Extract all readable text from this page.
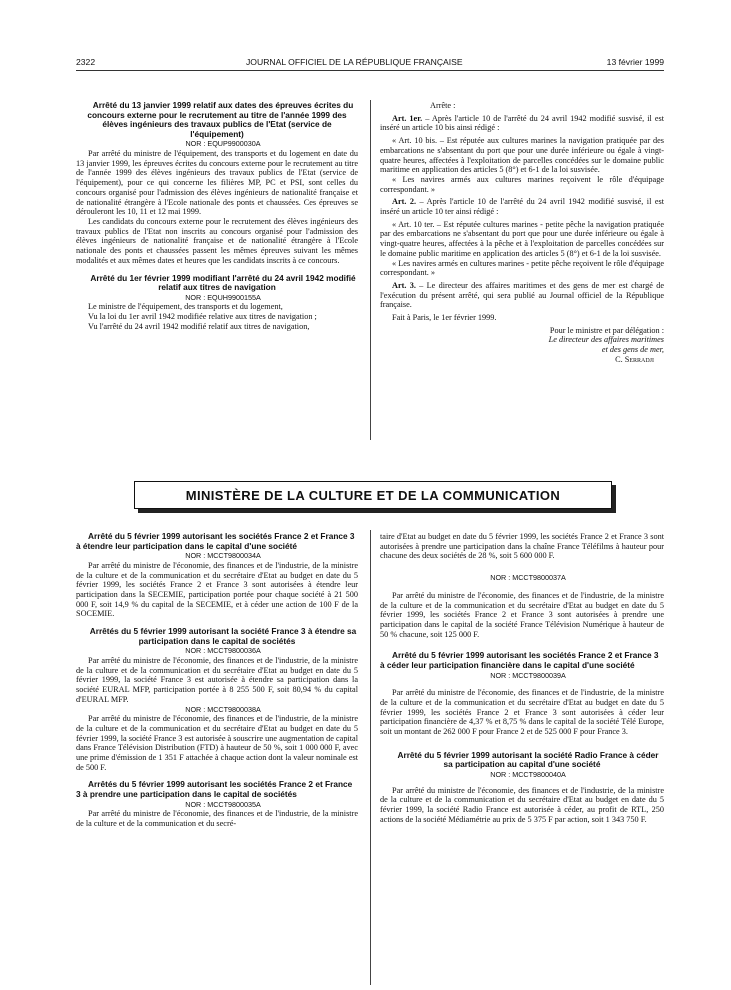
2322	JOURNAL OFFICIEL DE LA RÉPUBLIQUE FRANÇAISE	13 février 1999

Arrêté du 13 janvier 1999 relatif aux dates des épreuves écrites du concours externe pour le recrutement au titre de l'année 1999 des élèves ingénieurs des travaux publics de l'Etat (service de l'équipement)

NOR : EQUP9900030A

Par arrêté du ministre de l'équipement, des transports et du logement en date du 13 janvier 1999, les épreuves écrites du concours externe pour le recrutement au titre de l'année 1999 des élèves ingénieurs des travaux publics de l'Etat (service de l'équipement), pour ce qui concerne les filières MP, PC et PSI, sont celles du concours organisé pour l'admission des élèves ingénieurs de nationalité française et de nationalité étrangère à l'Ecole nationale des ponts et chaussées. Ces épreuves se dérouleront les 10, 11 et 12 mai 1999.

Les candidats du concours externe pour le recrutement des élèves ingénieurs des travaux publics de l'Etat non inscrits au concours organisé pour l'admission des élèves ingénieurs de nationalité française et de nationalité étrangère à l'Ecole nationale des ponts et chaussées passent les mêmes épreuves suivant les mêmes modalités et aux mêmes dates et heures que les candidats inscrits à ce concours.

Arrêté du 1er février 1999 modifiant l'arrêté du 24 avril 1942 modifié relatif aux titres de navigation

NOR : EQUH9900155A

Le ministre de l'équipement, des transports et du logement,

Vu la loi du 1er avril 1942 modifiée relative aux titres de navigation ;

Vu l'arrêté du 24 avril 1942 modifié relatif aux titres de navigation,

Arrête :

Art. 1er. – Après l'article 10 de l'arrêté du 24 avril 1942 modifié susvisé, il est inséré un article 10 bis ainsi rédigé :

« Art. 10 bis. – Est réputée aux cultures marines la navigation pratiquée par des embarcations ne s'absentant du port que pour une durée inférieure ou égale à vingt-quatre heures, affectées à l'exploitation de parcelles concédées sur le domaine public maritime en application des articles 5 (8°) et 6-1 de la loi susvisée.

« Les navires armés aux cultures marines reçoivent le rôle d'équipage correspondant. »

Art. 2. – Après l'article 10 de l'arrêté du 24 avril 1942 modifié susvisé, il est inséré un article 10 ter ainsi rédigé :

« Art. 10 ter. – Est réputée cultures marines - petite pêche la navigation pratiquée par des embarcations ne s'absentant du port que pour une durée inférieure ou égale à vingt-quatre heures, affectées à la pêche et à l'exploitation de parcelles concédées sur le domaine public maritime en application des articles 5 (8°) et 6-1 de la loi susvisée.

« Les navires armés en cultures marines - petite pêche reçoivent le rôle d'équipage correspondant. »

Art. 3. – Le directeur des affaires maritimes et des gens de mer est chargé de l'exécution du présent arrêté, qui sera publié au Journal officiel de la République française.

Fait à Paris, le 1er février 1999.

Pour le ministre et par délégation :

Le directeur des affaires maritimes

et des gens de mer,

C. Serradji

MINISTÈRE DE LA CULTURE ET DE LA COMMUNICATION

Arrêté du 5 février 1999 autorisant les sociétés France 2 et France 3 à étendre leur participation dans le capital d'une société

NOR : MCCT9800034A

Par arrêté du ministre de l'économie, des finances et de l'industrie, de la ministre de la culture et de la communication et du secrétaire d'Etat au budget en date du 5 février 1999, les sociétés France 2 et France 3 sont autorisées à étendre leur participation dans la SECEMIE, participation portée pour chaque société à 21 500 000 F, soit 14,9 % du capital de la SECEMIE, et à céder une action de 100 F de la SOCEMIE.

Arrêtés du 5 février 1999 autorisant la société France 3 à étendre sa participation dans le capital de sociétés

NOR : MCCT9800036A

Par arrêté du ministre de l'économie, des finances et de l'industrie, de la ministre de la culture et de la communication et du secrétaire d'Etat au budget en date du 5 février 1999, la société France 3 est autorisée à étendre sa participation dans la société EURAL MFP, participation portée à 8 255 500 F, soit 80,94 % du capital d'EURAL MFP.

NOR : MCCT9800038A

Par arrêté du ministre de l'économie, des finances et de l'industrie, de la ministre de la culture et de la communication et du secrétaire d'Etat au budget en date du 5 février 1999, la société France 3 est autorisée à souscrire une augmentation de capital dans France Télévision Distribution (FTD) à hauteur de 50 %, soit 1 000 000 F, avec une prime d'émission de 1 351 F attachée à chaque action dont la valeur nominale est de 500 F.

Arrêtés du 5 février 1999 autorisant les sociétés France 2 et France 3 à prendre une participation dans le capital de sociétés

NOR : MCCT9800035A

Par arrêté du ministre de l'économie, des finances et de l'industrie, de la ministre de la culture et de la communication et du secré-

taire d'Etat au budget en date du 5 février 1999, les sociétés France 2 et France 3 sont autorisées à prendre une participation dans la chaîne France Téléfilms à hauteur pour chacune des deux sociétés de 28 %, soit 5 600 000 F.

NOR : MCCT9800037A

Par arrêté du ministre de l'économie, des finances et de l'industrie, de la ministre de la culture et de la communication et du secrétaire d'Etat au budget en date du 5 février 1999, les sociétés France 2 et France 3 sont autorisées à prendre une participation dans le capital de la société France Télévision Numérique à hauteur de 50 % chacune, soit 125 000 F.

Arrêté du 5 février 1999 autorisant les sociétés France 2 et France 3 à céder leur participation financière dans le capital d'une société

NOR : MCCT9800039A

Par arrêté du ministre de l'économie, des finances et de l'industrie, de la ministre de la culture et de la communication et du secrétaire d'Etat au budget en date du 5 février 1999, les sociétés France 2 et France 3 sont autorisées à céder leur participation financière de 4,37 % et 8,75 % dans le capital de la société Télé Europe, soit un montant de 262 000 F pour France 2 et de 525 000 F pour France 3.

Arrêté du 5 février 1999 autorisant la société Radio France à céder sa participation au capital d'une société

NOR : MCCT9800040A

Par arrêté du ministre de l'économie, des finances et de l'industrie, de la ministre de la culture et de la communication et du secrétaire d'Etat au budget en date du 5 février 1999, la société Radio France est autorisée à céder, au profit de RTL, 250 actions de la société Médiamétrie au prix de 5 375 F par action, soit 1 343 750 F.
